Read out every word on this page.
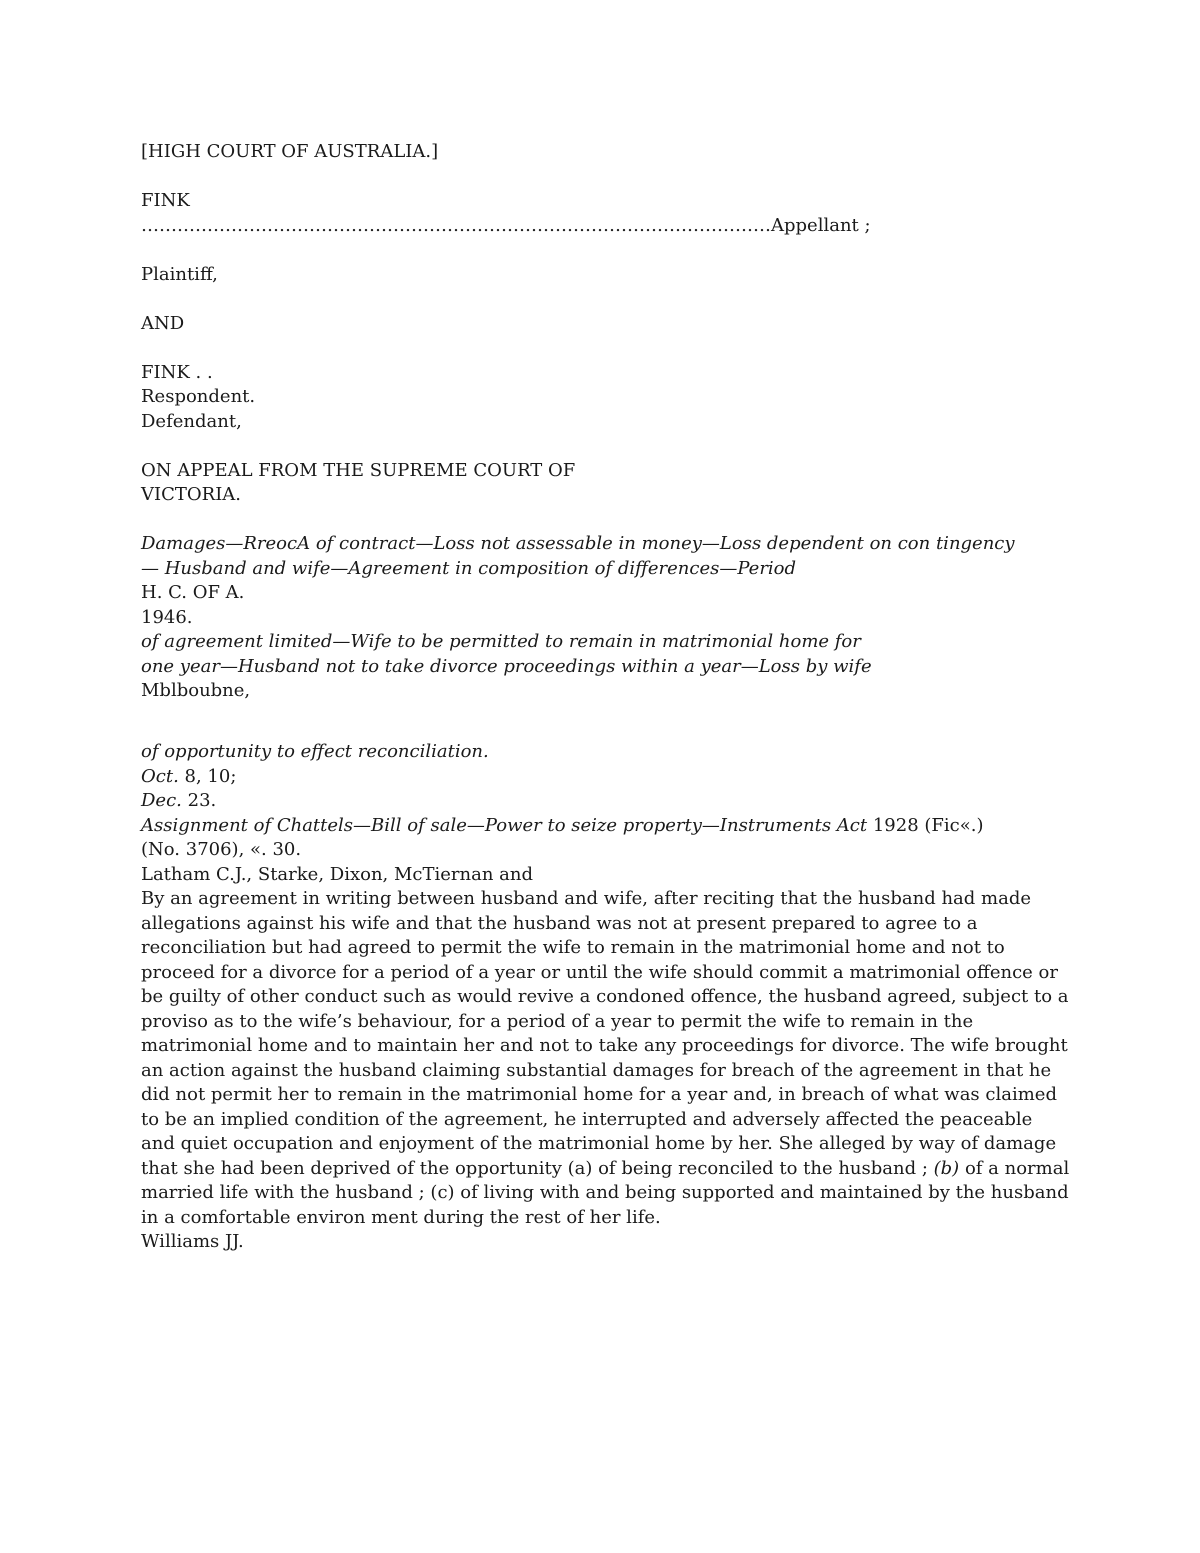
[HIGH COURT OF AUSTRALIA.]
FINK
……………………………………………………………………………………………Appellant ;
Plaintiff,
AND
FINK . .
Respondent.
Defendant,
ON APPEAL FROM THE SUPREME COURT OF
VICTORIA.
Damages—RreocA of contract—Loss not assessable in money—Loss dependent on con tingency
— Husband and wife—Agreement in composition of differences—Period
H. C. OF A.
1946.
of agreement limited—Wife to be permitted to remain in matrimonial home for
one year—Husband not to take divorce proceedings within a year—Loss by wife
Mblboubne,
of opportunity to effect reconciliation.
Oct. 8, 10;
Dec. 23.
Assignment of Chattels—Bill of sale—Power to seize property—Instruments Act 1928 (Fic«.)
(No. 3706), «. 30.
Latham C.J., Starke, Dixon, McTiernan and
By an agreement in writing between husband and wife, after reciting that the husband had made allegations against his wife and that the husband was not at present prepared to agree to a reconciliation but had agreed to permit the wife to remain in the matrimonial home and not to proceed for a divorce for a period of a year or until the wife should commit a matrimonial offence or be guilty of other conduct such as would revive a condoned offence, the husband agreed, subject to a proviso as to the wife’s behaviour, for a period of a year to permit the wife to remain in the matrimonial home and to maintain her and not to take any proceedings for divorce. The wife brought an action against the husband claiming substantial damages for breach of the agreement in that he did not permit her to remain in the matrimonial home for a year and, in breach of what was claimed to be an implied condition of the agreement, he interrupted and adversely affected the peaceable and quiet occupation and enjoyment of the matrimonial home by her. She alleged by way of damage that she had been deprived of the opportunity (a) of being reconciled to the husband ; (b) of a normal married life with the husband ; (c) of living with and being supported and maintained by the husband in a comfortable environ ment during the rest of her life.
Williams JJ.
